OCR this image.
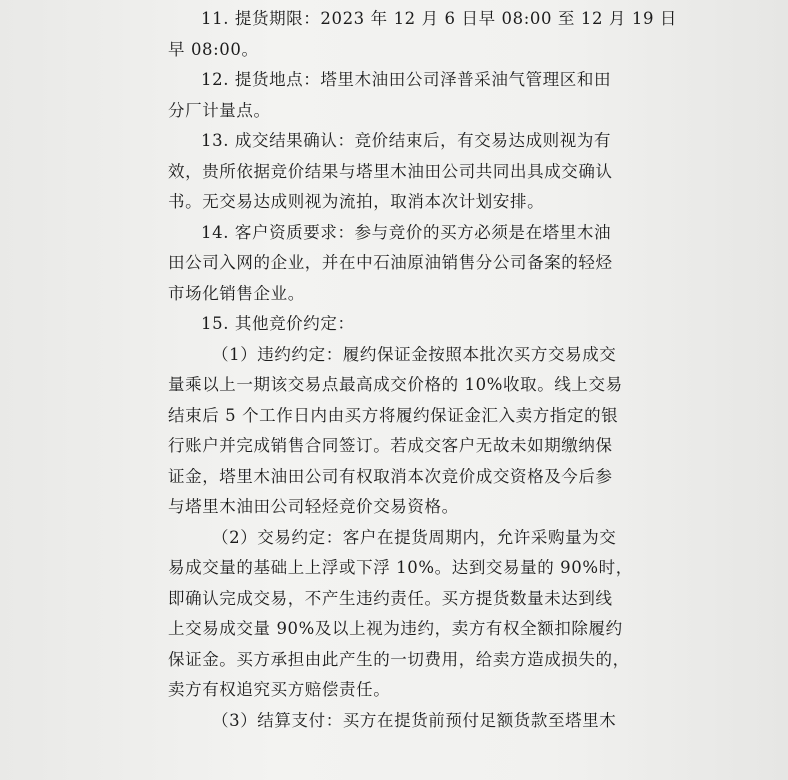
11. 提货期限：2023 年 12 月 6 日早 08:00 至 12 月 19 日
早 08:00。
12. 提货地点：塔里木油田公司泽普采油气管理区和田
分厂计量点。
13. 成交结果确认：竞价结束后，有交易达成则视为有
效，贵所依据竞价结果与塔里木油田公司共同出具成交确认
书。无交易达成则视为流拍，取消本次计划安排。
14. 客户资质要求：参与竞价的买方必须是在塔里木油
田公司入网的企业，并在中石油原油销售分公司备案的轻烃
市场化销售企业。
15. 其他竞价约定：
（1）违约约定：履约保证金按照本批次买方交易成交
量乘以上一期该交易点最高成交价格的 10%收取。线上交易
结束后 5 个工作日内由买方将履约保证金汇入卖方指定的银
行账户并完成销售合同签订。若成交客户无故未如期缴纳保
证金，塔里木油田公司有权取消本次竞价成交资格及今后参
与塔里木油田公司轻烃竞价交易资格。
（2）交易约定：客户在提货周期内，允许采购量为交
易成交量的基础上上浮或下浮 10%。达到交易量的 90%时，
即确认完成交易，不产生违约责任。买方提货数量未达到线
上交易成交量 90%及以上视为违约，卖方有权全额扣除履约
保证金。买方承担由此产生的一切费用，给卖方造成损失的，
卖方有权追究买方赔偿责任。
（3）结算支付：买方在提货前预付足额货款至塔里木
